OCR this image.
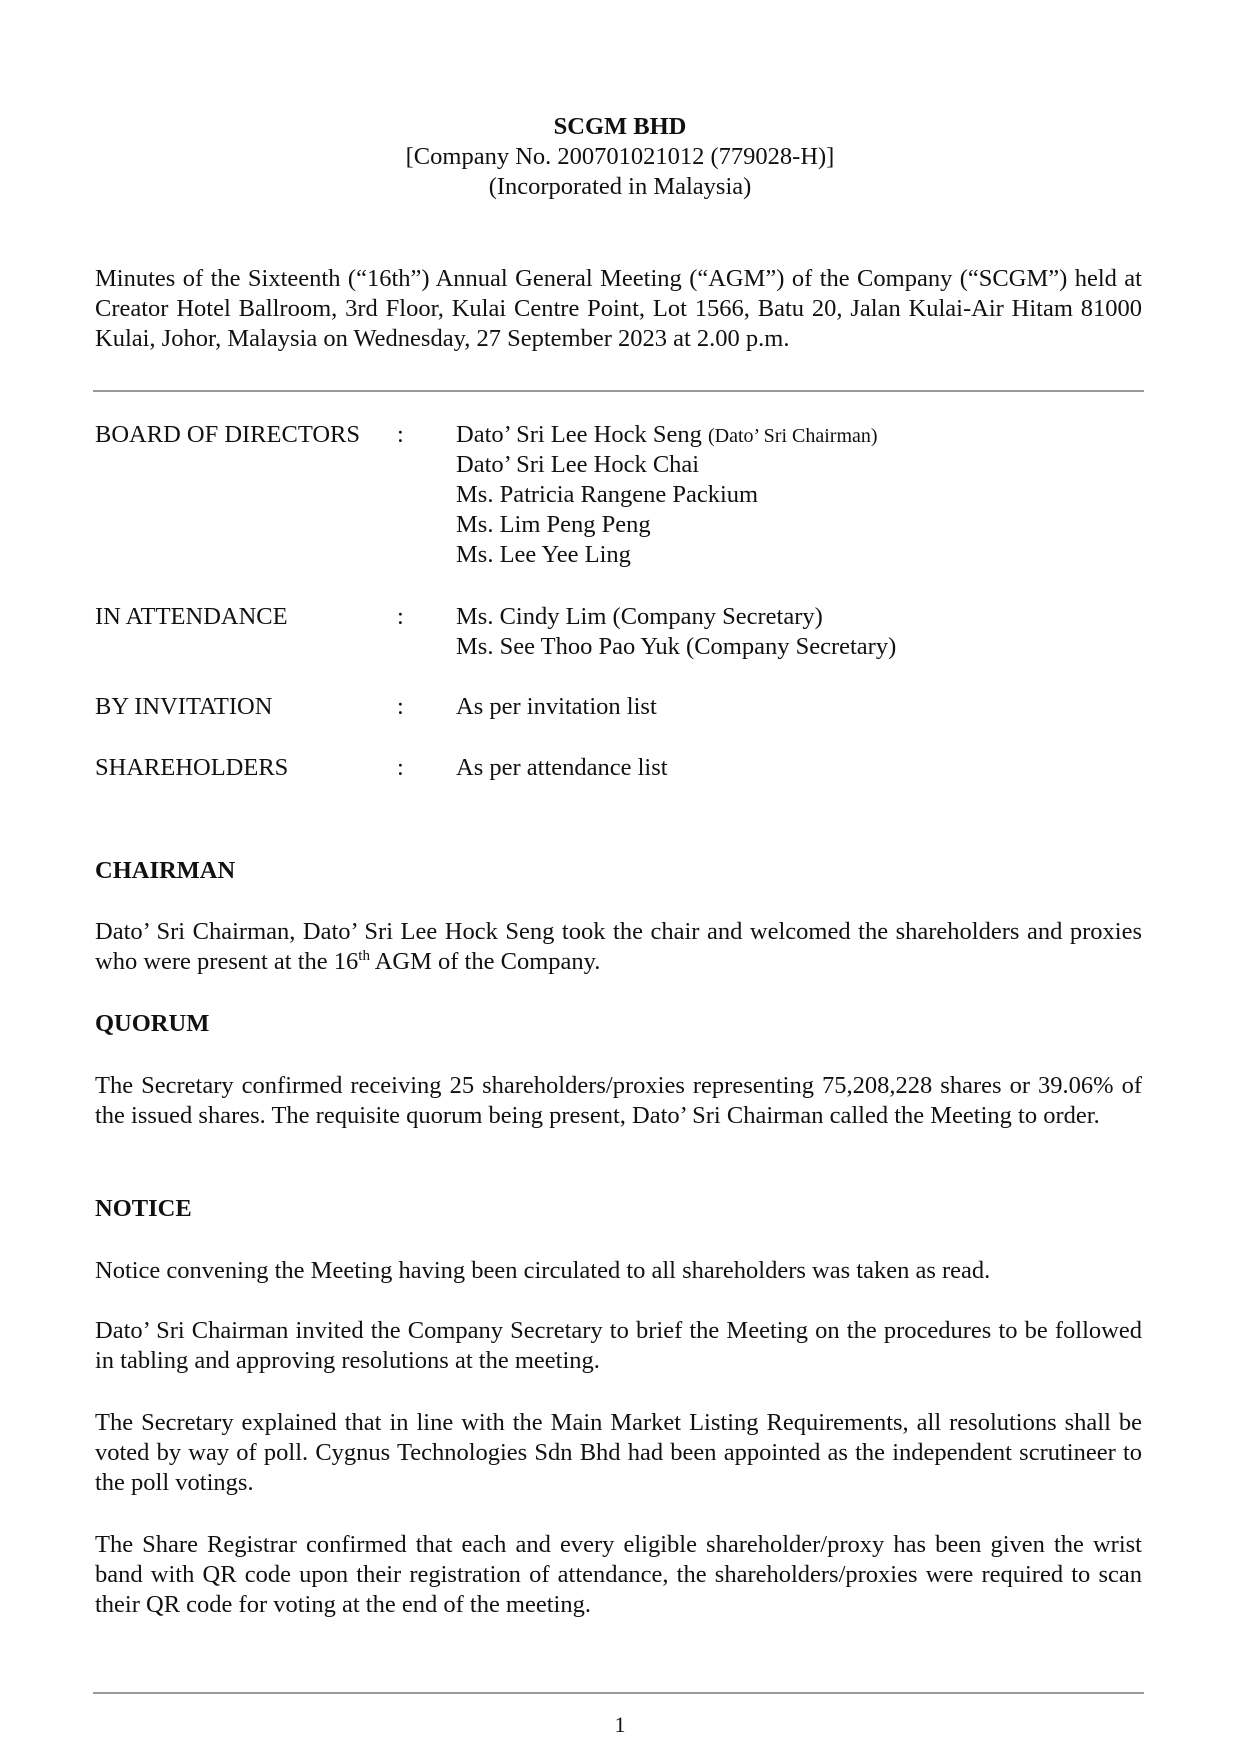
SCGM BHD
[Company No. 200701021012 (779028-H)]
(Incorporated in Malaysia)
Minutes of the Sixteenth (“16th”) Annual General Meeting (“AGM”) of the Company (“SCGM”) held at Creator Hotel Ballroom, 3rd Floor, Kulai Centre Point, Lot 1566, Batu 20, Jalan Kulai-Air Hitam 81000 Kulai, Johor, Malaysia on Wednesday, 27 September 2023 at 2.00 p.m.
BOARD OF DIRECTORS : Dato’ Sri Lee Hock Seng (Dato’ Sri Chairman)
Dato’ Sri Lee Hock Chai
Ms. Patricia Rangene Packium
Ms. Lim Peng Peng
Ms. Lee Yee Ling
IN ATTENDANCE	: Ms. Cindy Lim (Company Secretary)
Ms. See Thoo Pao Yuk (Company Secretary)
BY INVITATION	: As per invitation list
SHAREHOLDERS	: As per attendance list
CHAIRMAN
Dato’ Sri Chairman, Dato’ Sri Lee Hock Seng took the chair and welcomed the shareholders and proxies who were present at the 16th AGM of the Company.
QUORUM
The Secretary confirmed receiving 25 shareholders/proxies representing 75,208,228 shares or 39.06% of the issued shares. The requisite quorum being present, Dato’ Sri Chairman called the Meeting to order.
NOTICE
Notice convening the Meeting having been circulated to all shareholders was taken as read.
Dato’ Sri Chairman invited the Company Secretary to brief the Meeting on the procedures to be followed in tabling and approving resolutions at the meeting.
The Secretary explained that in line with the Main Market Listing Requirements, all resolutions shall be voted by way of poll. Cygnus Technologies Sdn Bhd had been appointed as the independent scrutineer to the poll votings.
The Share Registrar confirmed that each and every eligible shareholder/proxy has been given the wrist band with QR code upon their registration of attendance, the shareholders/proxies were required to scan their QR code for voting at the end of the meeting.
1
